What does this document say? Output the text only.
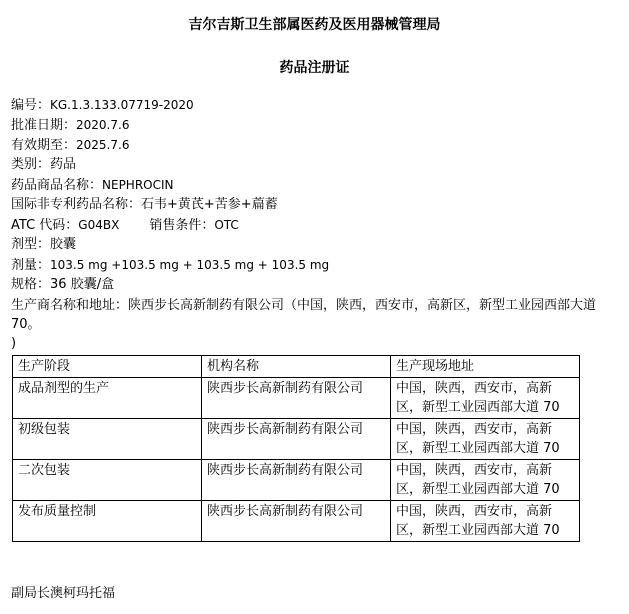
吉尔吉斯卫生部属医药及医用器械管理局
药品注册证
编号：KG.1.3.133.07719-2020
批准日期：2020.7.6
有效期至：2025.7.6
类别：药品
药品商品名称：NEPHROCIN
国际非专利药品名称：石韦+黄芪+苦参+萹蓄
ATC 代码：G04BX 销售条件：OTC
剂型：胶囊
剂量：103.5 mg +103.5 mg + 103.5 mg + 103.5 mg
规格：36 胶囊/盒
生产商名称和地址：陕西步长高新制药有限公司（中国，陕西，西安市，高新区，新型工业园西部大道 70。
)
生产阶段	机构名称	生产现场地址
成品剂型的生产	陕西步长高新制药有限公司	中国，陕西，西安市，高新区，新型工业园西部大道 70
初级包装	陕西步长高新制药有限公司	中国，陕西，西安市，高新区，新型工业园西部大道 70
二次包装	陕西步长高新制药有限公司	中国，陕西，西安市，高新区，新型工业园西部大道 70
发布质量控制	陕西步长高新制药有限公司	中国，陕西，西安市，高新区，新型工业园西部大道 70
副局长澳柯玛托福
